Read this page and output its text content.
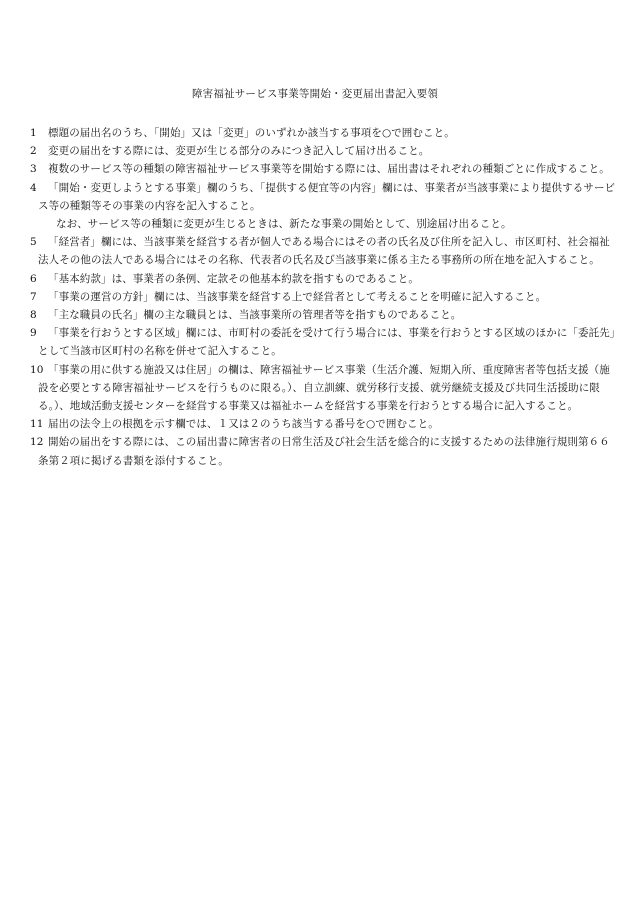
障害福祉サービス事業等開始・変更届出書記入要領
1	標題の届出名のうち、「開始」又は「変更」のいずれか該当する事項を○で囲むこと。
2	変更の届出をする際には、変更が生じる部分のみにつき記入して届け出ること。
3	複数のサービス等の種類の障害福祉サービス事業等を開始する際には、届出書はそれぞれの種類ごとに作成すること。
4	「開始・変更しようとする事業」欄のうち、「提供する便宜等の内容」欄には、事業者が当該事業により提供するサービス等の種類等その事業の内容を記入すること。
なお、サービス等の種類に変更が生じるときは、新たな事業の開始として、別途届け出ること。
5	「経営者」欄には、当該事業を経営する者が個人である場合にはその者の氏名及び住所を記入し、市区町村、社会福祉法人その他の法人である場合にはその名称、代表者の氏名及び当該事業に係る主たる事務所の所在地を記入すること。
6	「基本約款」は、事業者の条例、定款その他基本約款を指すものであること。
7	「事業の運営の方針」欄には、当該事業を経営する上で経営者として考えることを明確に記入すること。
8	「主な職員の氏名」欄の主な職員とは、当該事業所の管理者等を指すものであること。
9	「事業を行おうとする区域」欄には、市町村の委託を受けて行う場合には、事業を行おうとする区域のほかに「委託先」として当該市区町村の名称を併せて記入すること。
10 「事業の用に供する施設又は住居」の欄は、障害福祉サービス事業（生活介護、短期入所、重度障害者等包括支援（施設を必要とする障害福祉サービスを行うものに限る。）、自立訓練、就労移行支援、就労継続支援及び共同生活援助に限る。）、地域活動支援センターを経営する事業又は福祉ホームを経営する事業を行おうとする場合に記入すること。
11 届出の法令上の根拠を示す欄では、１又は２のうち該当する番号を○で囲むこと。
12 開始の届出をする際には、この届出書に障害者の日常生活及び社会生活を総合的に支援するための法律施行規則第６６条第２項に掲げる書類を添付すること。
